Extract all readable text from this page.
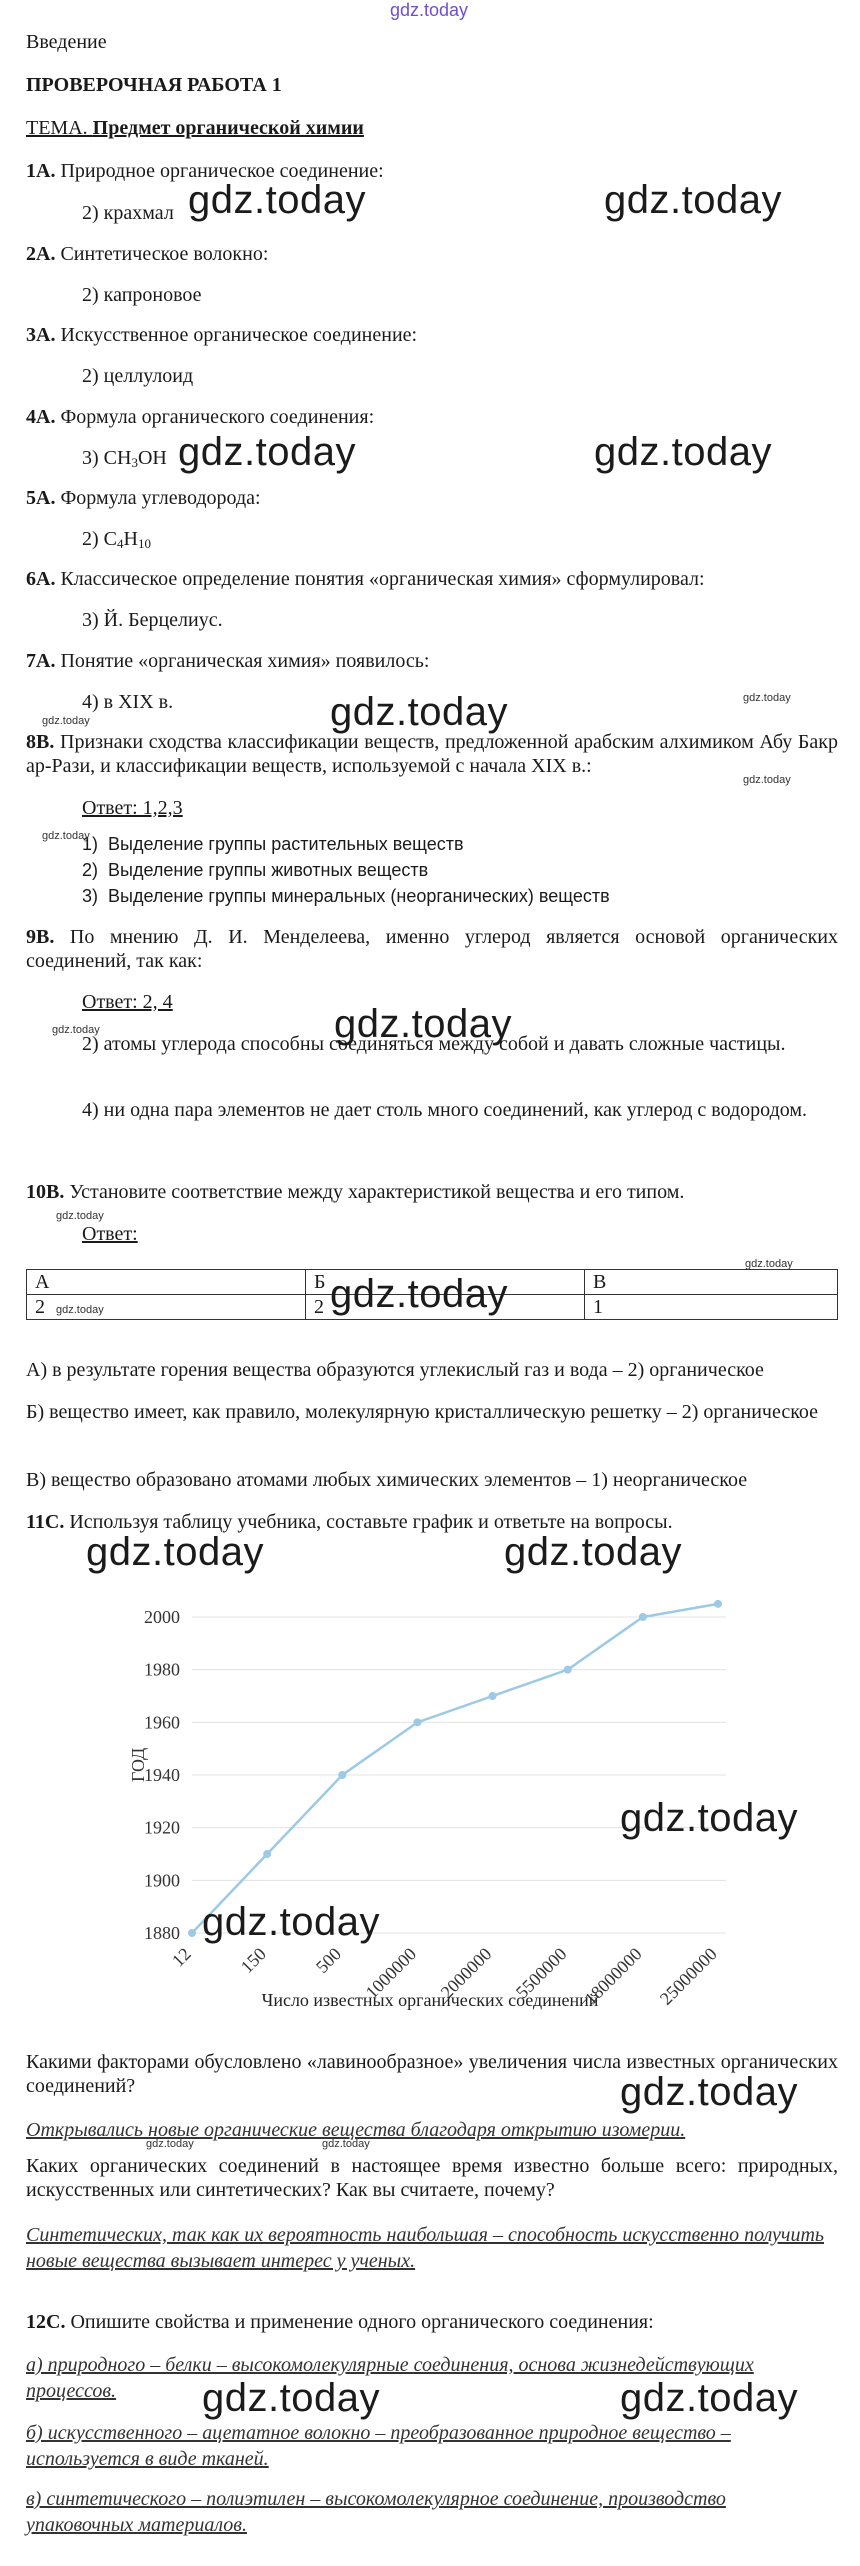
gdz.today
Введение
ПРОВЕРОЧНАЯ РАБОТА 1
ТЕМА. Предмет органической химии
1А. Природное органическое соединение:
2) крахмал
2А. Синтетическое волокно:
2) капроновое
3А. Искусственное органическое соединение:
2) целлулоид
4А. Формула органического соединения:
3) $CH_3OH$
5А. Формула углеводорода:
2) $C_4H_{10}$
6А. Классическое определение понятия «органическая химия» сформулировал:
3) Й. Берцелиус.
7А. Понятие «органическая химия» появилось:
4) в XIX в.
8В. Признаки сходства классификации веществ, предложенной арабским алхимиком Абу Бакр ар-Рази, и классификации веществ, используемой с начала XIX в.:
Ответ: 1,2,3
1) Выделение группы растительных веществ
2) Выделение группы животных веществ
3) Выделение группы минеральных (неорганических) веществ
9В. По мнению Д. И. Менделеева, именно углерод является основой органических соединений, так как:
Ответ: 2, 4
2) атомы углерода способны соединяться между собой и давать сложные частицы.
4) ни одна пара элементов не дает столь много соединений, как углерод с водородом.
10В. Установите соответствие между характеристикой вещества и его типом.
Ответ:
А	Б	В
2	2	1
А) в результате горения вещества образуются углекислый газ и вода – 2) органическое
Б) вещество имеет, как правило, молекулярную кристаллическую решетку – 2) органическое
В) вещество образовано атомами любых химических элементов – 1) неорганическое
11С. Используя таблицу учебника, составьте график и ответьте на вопросы.
1880
1900
1920
1940
1960
1980
2000
12 150 500 1000000 2000000 5500000 18000000 25000000
ГОД
Число известных органических соединений
Какими факторами обусловлено «лавинообразное» увеличения числа известных органических соединений?
Открывались новые органические вещества благодаря открытию изомерии.
Каких органических соединений в настоящее время известно больше всего: природных, искусственных или синтетических? Как вы считаете, почему?
Синтетических, так как их вероятность наибольшая – способность искусственно получить новые вещества вызывает интерес у ученых.
12С. Опишите свойства и применение одного органического соединения:
а) природного – белки – высокомолекулярные соединения, основа жизнедействующих процессов.
б) искусственного – ацетатное волокно – преобразованное природное вещество – используется в виде тканей.
в) синтетического – полиэтилен – высокомолекулярное соединение, производство упаковочных материалов.
gdz.today	gdz.today
gdz.today	gdz.today
gdz.today
gdz.today
gdz.today
gdz.today	gdz.today
gdz.today
gdz.today
gdz.today
gdz.today	gdz.today
gdz.today
gdz.today
gdz.today
gdz.today
gdz.today
gdz.today
gdz.today
gdz.today
gdz.today	gdz.today
